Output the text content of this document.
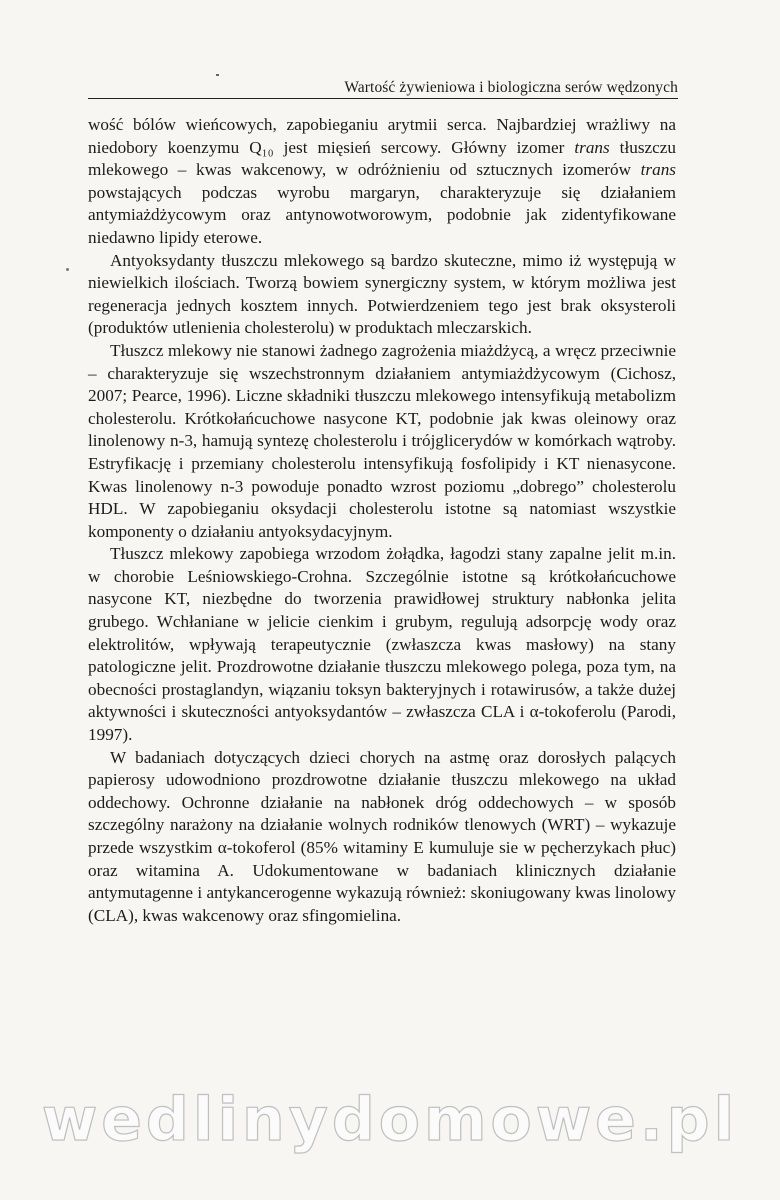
Wartość żywieniowa i biologiczna serów wędzonych

wość bólów wieńcowych, zapobieganiu arytmii serca. Najbardziej wrażliwy na niedobory koenzymu Q₁₀ jest mięsień sercowy. Główny izomer trans tłuszczu mlekowego – kwas wakcenowy, w odróżnieniu od sztucznych izomerów trans powstających podczas wyrobu margaryn, charakteryzuje się działaniem antymiażdżycowym oraz antynowotworowym, podobnie jak zidentyfikowane niedawno lipidy eterowe.

Antyoksydanty tłuszczu mlekowego są bardzo skuteczne, mimo iż występują w niewielkich ilościach. Tworzą bowiem synergiczny system, w którym możliwa jest regeneracja jednych kosztem innych. Potwierdzeniem tego jest brak oksysteroli (produktów utlenienia cholesterolu) w produktach mleczarskich.

Tłuszcz mlekowy nie stanowi żadnego zagrożenia miażdżycą, a wręcz przeciwnie – charakteryzuje się wszechstronnym działaniem antymiażdżycowym (Cichosz, 2007; Pearce, 1996). Liczne składniki tłuszczu mlekowego intensyfikują metabolizm cholesterolu. Krótkołańcuchowe nasycone KT, podobnie jak kwas oleinowy oraz linolenowy n-3, hamują syntezę cholesterolu i trójglicerydów w komórkach wątroby. Estryfikację i przemiany cholesterolu intensyfikują fosfolipidy i KT nienasycone. Kwas linolenowy n-3 powoduje ponadto wzrost poziomu „dobrego” cholesterolu HDL. W zapobieganiu oksydacji cholesterolu istotne są natomiast wszystkie komponenty o działaniu antyoksydacyjnym.

Tłuszcz mlekowy zapobiega wrzodom żołądka, łagodzi stany zapalne jelit m.in. w chorobie Leśniowskiego-Crohna. Szczególnie istotne są krótkołańcuchowe nasycone KT, niezbędne do tworzenia prawidłowej struktury nabłonka jelita grubego. Wchłaniane w jelicie cienkim i grubym, regulują adsorpcję wody oraz elektrolitów, wpływają terapeutycznie (zwłaszcza kwas masłowy) na stany patologiczne jelit. Prozdrowotne działanie tłuszczu mlekowego polega, poza tym, na obecności prostaglandyn, wiązaniu toksyn bakteryjnych i rotawirusów, a także dużej aktywności i skuteczności antyoksydantów – zwłaszcza CLA i α-tokoferolu (Parodi, 1997).

W badaniach dotyczących dzieci chorych na astmę oraz dorosłych palących papierosy udowodniono prozdrowotne działanie tłuszczu mlekowego na układ oddechowy. Ochronne działanie na nabłonek dróg oddechowych – w sposób szczególny narażony na działanie wolnych rodników tlenowych (WRT) – wykazuje przede wszystkim α-tokoferol (85% witaminy E kumuluje sie w pęcherzykach płuc) oraz witamina A. Udokumentowane w badaniach klinicznych działanie antymutagenne i antykancerogenne wykazują również: skoniugowany kwas linolowy (CLA), kwas wakcenowy oraz sfingomielina.

wedlinydomowe.pl
